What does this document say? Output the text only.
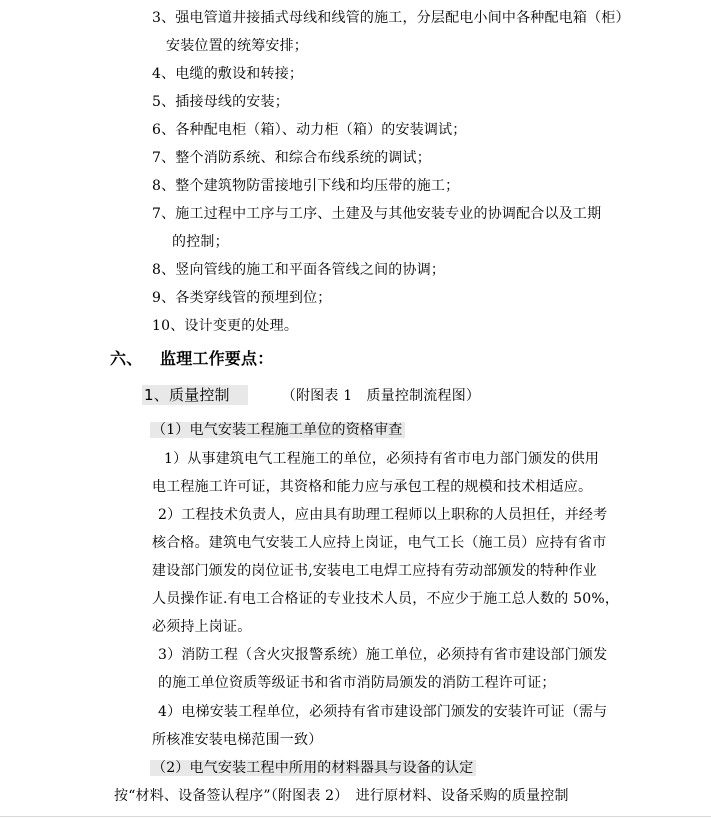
3、强电管道井接插式母线和线管的施工，分层配电小间中各种配电箱（柜）
安装位置的统筹安排；
4、电缆的敷设和转接；
5、插接母线的安装；
6、各种配电柜（箱）、动力柜（箱）的安装调试；
7、整个消防系统、和综合布线系统的调试；
8、整个建筑物防雷接地引下线和均压带的施工；
7、施工过程中工序与工序、土建及与其他安装专业的协调配合以及工期
的控制；
8、竖向管线的施工和平面各管线之间的协调；
9、各类穿线管的预埋到位；
10、设计变更的处理。
六、 监理工作要点：
1、质量控制	（附图表 1　质量控制流程图）
（1）电气安装工程施工单位的资格审查
1）从事建筑电气工程施工的单位，必须持有省市电力部门颁发的供用
电工程施工许可证，其资格和能力应与承包工程的规模和技术相适应。
2）工程技术负责人，应由具有助理工程师以上职称的人员担任，并经考
核合格。建筑电气安装工人应持上岗证，电气工长（施工员）应持有省市
建设部门颁发的岗位证书,安装电工电焊工应持有劳动部颁发的特种作业
人员操作证.有电工合格证的专业技术人员，不应少于施工总人数的 50%，
必须持上岗证。
3）消防工程（含火灾报警系统）施工单位，必须持有省市建设部门颁发
的施工单位资质等级证书和省市消防局颁发的消防工程许可证；
4）电梯安装工程单位，必须持有省市建设部门颁发的安装许可证（需与
所核准安装电梯范围一致）
（2）电气安装工程中所用的材料器具与设备的认定
按“材料、设备签认程序”（附图表 2）　进行原材料、设备采购的质量控制
